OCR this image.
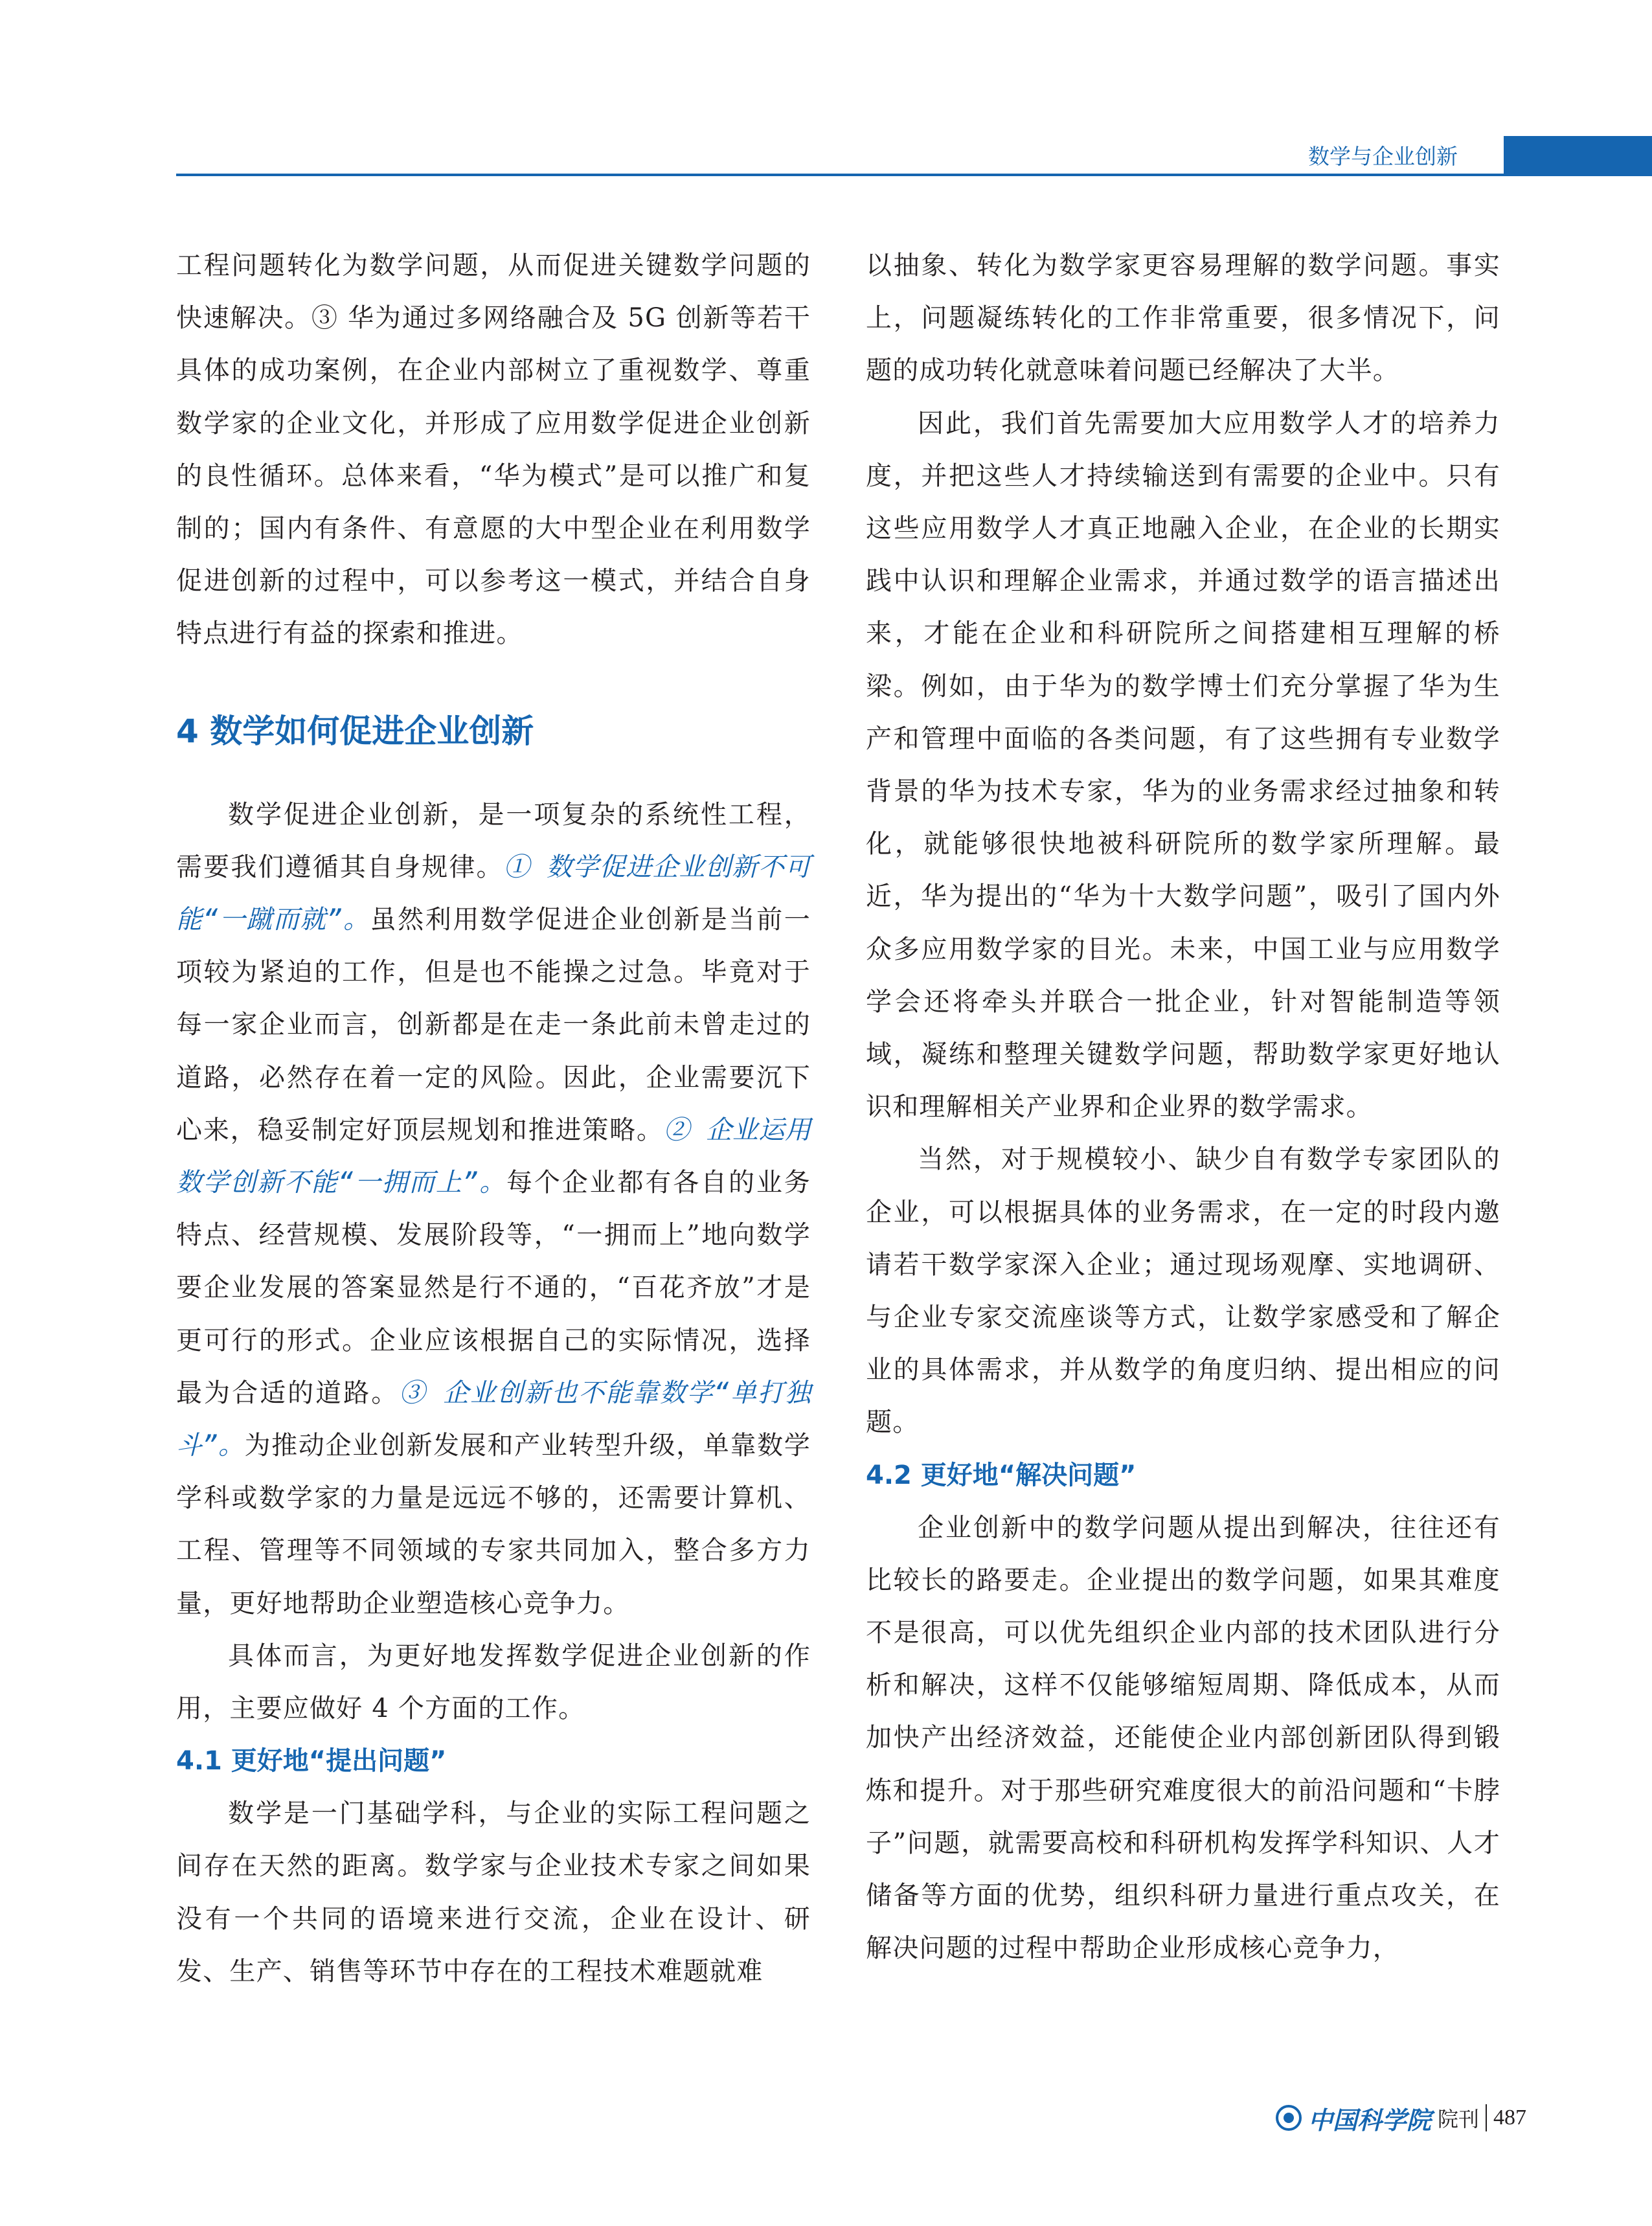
数学与企业创新

工程问题转化为数学问题，从而促进关键数学问题的快速解决。③ 华为通过多网络融合及 5G 创新等若干具体的成功案例，在企业内部树立了重视数学、尊重数学家的企业文化，并形成了应用数学促进企业创新的良性循环。总体来看，“华为模式”是可以推广和复制的；国内有条件、有意愿的大中型企业在利用数学促进创新的过程中，可以参考这一模式，并结合自身特点进行有益的探索和推进。

4 数学如何促进企业创新

数学促进企业创新，是一项复杂的系统性工程，需要我们遵循其自身规律。① 数学促进企业创新不可能“一蹴而就”。虽然利用数学促进企业创新是当前一项较为紧迫的工作，但是也不能操之过急。毕竟对于每一家企业而言，创新都是在走一条此前未曾走过的道路，必然存在着一定的风险。因此，企业需要沉下心来，稳妥制定好顶层规划和推进策略。② 企业运用数学创新不能“一拥而上”。每个企业都有各自的业务特点、经营规模、发展阶段等，“一拥而上”地向数学要企业发展的答案显然是行不通的，“百花齐放”才是更可行的形式。企业应该根据自己的实际情况，选择最为合适的道路。③ 企业创新也不能靠数学“单打独斗”。为推动企业创新发展和产业转型升级，单靠数学学科或数学家的力量是远远不够的，还需要计算机、工程、管理等不同领域的专家共同加入，整合多方力量，更好地帮助企业塑造核心竞争力。

具体而言，为更好地发挥数学促进企业创新的作用，主要应做好 4 个方面的工作。

4.1 更好地“提出问题”

数学是一门基础学科，与企业的实际工程问题之间存在天然的距离。数学家与企业技术专家之间如果没有一个共同的语境来进行交流，企业在设计、研发、生产、销售等环节中存在的工程技术难题就难

以抽象、转化为数学家更容易理解的数学问题。事实上，问题凝练转化的工作非常重要，很多情况下，问题的成功转化就意味着问题已经解决了大半。

因此，我们首先需要加大应用数学人才的培养力度，并把这些人才持续输送到有需要的企业中。只有这些应用数学人才真正地融入企业，在企业的长期实践中认识和理解企业需求，并通过数学的语言描述出来，才能在企业和科研院所之间搭建相互理解的桥梁。例如，由于华为的数学博士们充分掌握了华为生产和管理中面临的各类问题，有了这些拥有专业数学背景的华为技术专家，华为的业务需求经过抽象和转化，就能够很快地被科研院所的数学家所理解。最近，华为提出的“华为十大数学问题”，吸引了国内外众多应用数学家的目光。未来，中国工业与应用数学学会还将牵头并联合一批企业，针对智能制造等领域，凝练和整理关键数学问题，帮助数学家更好地认识和理解相关产业界和企业界的数学需求。

当然，对于规模较小、缺少自有数学专家团队的企业，可以根据具体的业务需求，在一定的时段内邀请若干数学家深入企业；通过现场观摩、实地调研、与企业专家交流座谈等方式，让数学家感受和了解企业的具体需求，并从数学的角度归纳、提出相应的问题。

4.2 更好地“解决问题”

企业创新中的数学问题从提出到解决，往往还有比较长的路要走。企业提出的数学问题，如果其难度不是很高，可以优先组织企业内部的技术团队进行分析和解决，这样不仅能够缩短周期、降低成本，从而加快产出经济效益，还能使企业内部创新团队得到锻炼和提升。对于那些研究难度很大的前沿问题和“卡脖子”问题，就需要高校和科研机构发挥学科知识、人才储备等方面的优势，组织科研力量进行重点攻关，在解决问题的过程中帮助企业形成核心竞争力，

中国科学院 院刊 487
